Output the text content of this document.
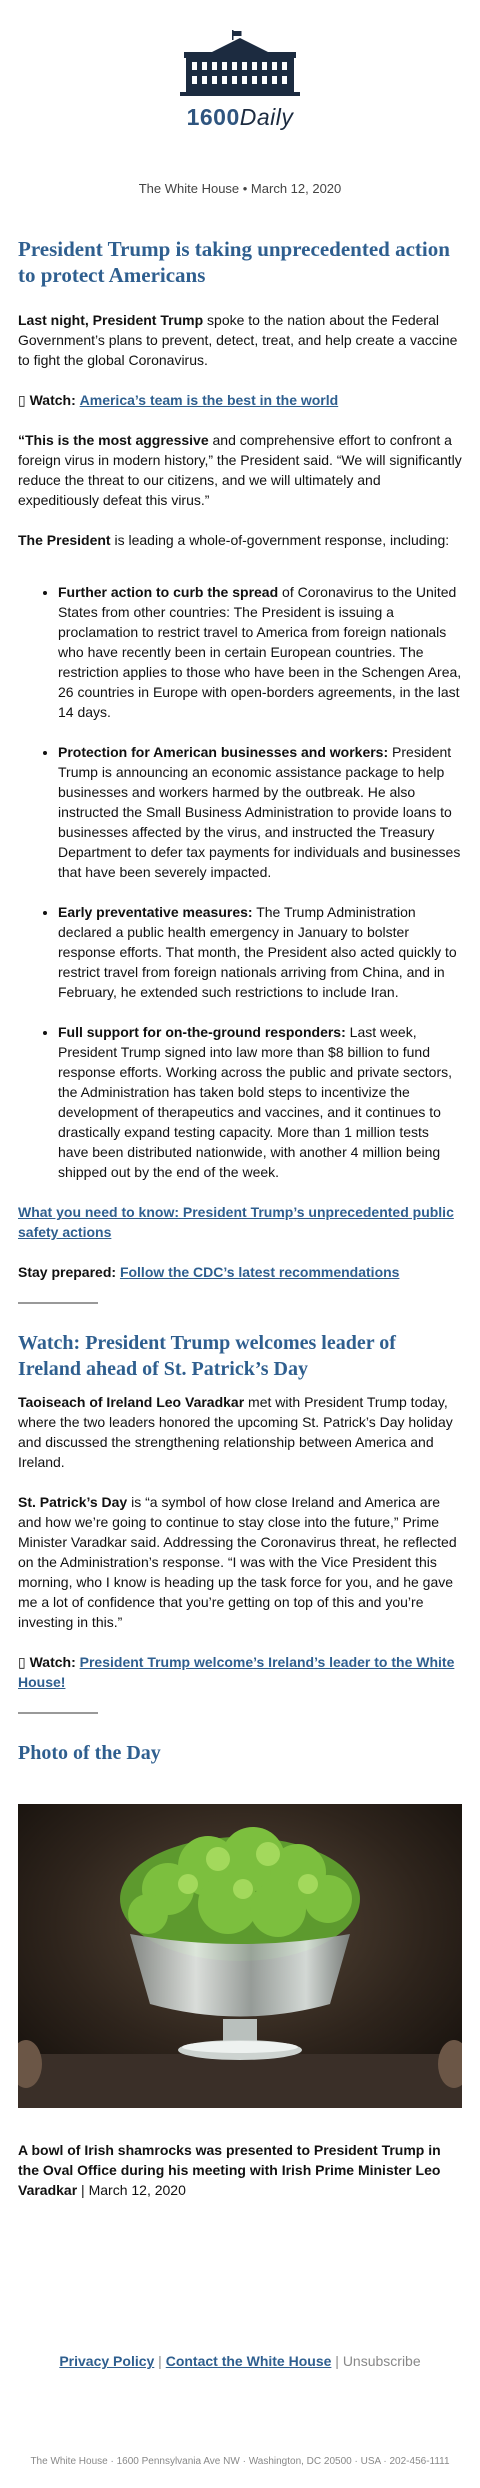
1600Daily
The White House • March 12, 2020
President Trump is taking unprecedented action to protect Americans

Last night, President Trump spoke to the nation about the Federal Government’s plans to prevent, detect, treat, and help create a vaccine to fight the global Coronavirus.

▯ Watch: America’s team is the best in the world

“This is the most aggressive and comprehensive effort to confront a foreign virus in modern history,” the President said. “We will significantly reduce the threat to our citizens, and we will ultimately and expeditiously defeat this virus.”

The President is leading a whole-of-government response, including:

• Further action to curb the spread of Coronavirus to the United States from other countries: The President is issuing a proclamation to restrict travel to America from foreign nationals who have recently been in certain European countries. The restriction applies to those who have been in the Schengen Area, 26 countries in Europe with open-borders agreements, in the last 14 days.
• Protection for American businesses and workers: President Trump is announcing an economic assistance package to help businesses and workers harmed by the outbreak. He also instructed the Small Business Administration to provide loans to businesses affected by the virus, and instructed the Treasury Department to defer tax payments for individuals and businesses that have been severely impacted.
• Early preventative measures: The Trump Administration declared a public health emergency in January to bolster response efforts. That month, the President also acted quickly to restrict travel from foreign nationals arriving from China, and in February, he extended such restrictions to include Iran.
• Full support for on-the-ground responders: Last week, President Trump signed into law more than $8 billion to fund response efforts. Working across the public and private sectors, the Administration has taken bold steps to incentivize the development of therapeutics and vaccines, and it continues to drastically expand testing capacity. More than 1 million tests have been distributed nationwide, with another 4 million being shipped out by the end of the week.

What you need to know: President Trump’s unprecedented public safety actions

Stay prepared: Follow the CDC’s latest recommendations

Watch: President Trump welcomes leader of Ireland ahead of St. Patrick’s Day

Taoiseach of Ireland Leo Varadkar met with President Trump today, where the two leaders honored the upcoming St. Patrick’s Day holiday and discussed the strengthening relationship between America and Ireland.

St. Patrick’s Day is “a symbol of how close Ireland and America are and how we’re going to continue to stay close into the future,” Prime Minister Varadkar said. Addressing the Coronavirus threat, he reflected on the Administration’s response. “I was with the Vice President this morning, who I know is heading up the task force for you, and he gave me a lot of confidence that you’re getting on top of this and you’re investing in this.”

▯ Watch: President Trump welcome’s Ireland’s leader to the White House!

Photo of the Day

A bowl of Irish shamrocks was presented to President Trump in the Oval Office during his meeting with Irish Prime Minister Leo Varadkar | March 12, 2020

Privacy Policy | Contact the White House | Unsubscribe
The White House · 1600 Pennsylvania Ave NW · Washington, DC 20500 · USA · 202-456-1111
